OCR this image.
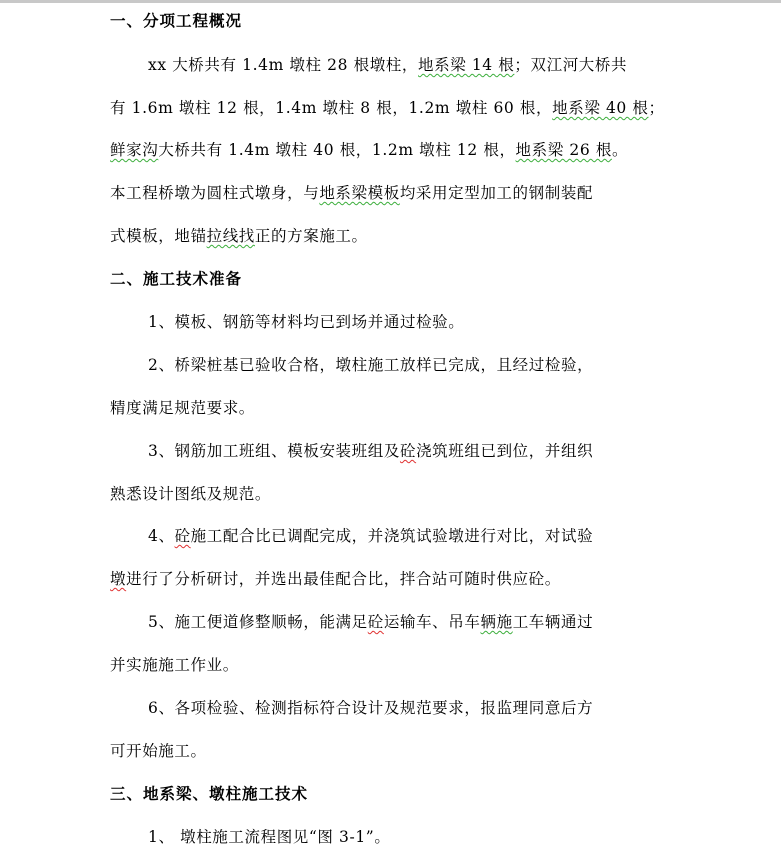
一、分项工程概况
xx 大桥共有 1.4m 墩柱 28 根墩柱，地系梁 14 根；双江河大桥共
有 1.6m 墩柱 12 根，1.4m 墩柱 8 根，1.2m 墩柱 60 根，地系梁 40 根；
鲜家沟大桥共有 1.4m 墩柱 40 根，1.2m 墩柱 12 根，地系梁 26 根。
本工程桥墩为圆柱式墩身，与地系梁模板均采用定型加工的钢制装配
式模板，地锚拉线找正的方案施工。
二、施工技术准备
1、模板、钢筋等材料均已到场并通过检验。
2、桥梁桩基已验收合格，墩柱施工放样已完成，且经过检验，
精度满足规范要求。
3、钢筋加工班组、模板安装班组及砼浇筑班组已到位，并组织
熟悉设计图纸及规范。
4、砼施工配合比已调配完成，并浇筑试验墩进行对比，对试验
墩进行了分析研讨，并选出最佳配合比，拌合站可随时供应砼。
5、施工便道修整顺畅，能满足砼运输车、吊车辆施工车辆通过
并实施施工作业。
6、各项检验、检测指标符合设计及规范要求，报监理同意后方
可开始施工。
三、地系梁、墩柱施工技术
1、 墩柱施工流程图见“图 3-1”。
